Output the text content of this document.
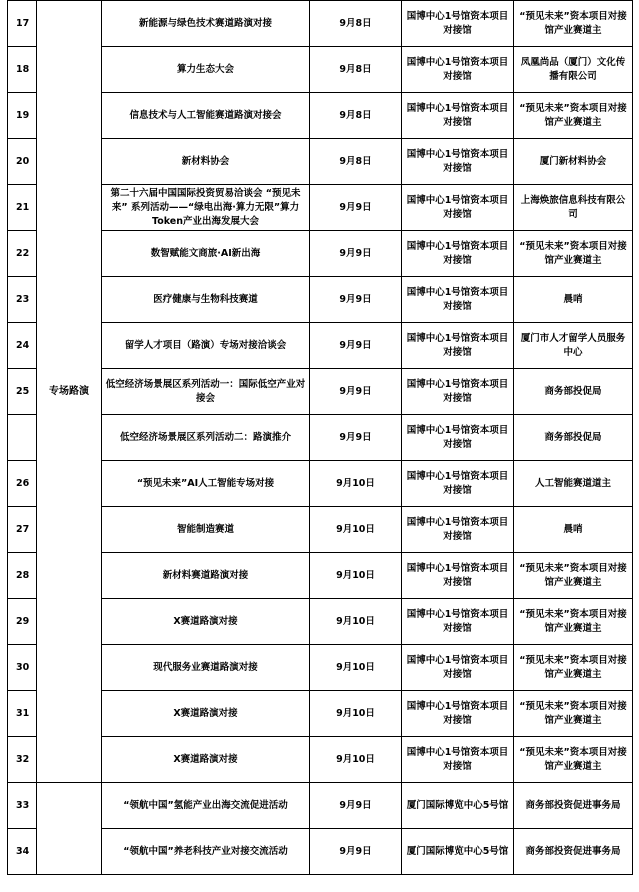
17	专场路演	新能源与绿色技术赛道路演对接	9月8日	国博中心1号馆资本项目对接馆	“预见未来”资本项目对接馆产业赛道主
18		算力生态大会	9月8日	国博中心1号馆资本项目对接馆	凤凰尚品（厦门）文化传播有限公司
19		信息技术与人工智能赛道路演对接会	9月8日	国博中心1号馆资本项目对接馆	“预见未来”资本项目对接馆产业赛道主
20		新材料协会	9月8日	国博中心1号馆资本项目对接馆	厦门新材料协会
21		第二十六届中国国际投资贸易洽谈会 “预见未来” 系列活动——“绿电出海·算力无限”算力Token产业出海发展大会	9月9日	国博中心1号馆资本项目对接馆	上海焕旅信息科技有限公司
22		数智赋能文商旅·AI新出海	9月9日	国博中心1号馆资本项目对接馆	“预见未来”资本项目对接馆产业赛道主
23		医疗健康与生物科技赛道	9月9日	国博中心1号馆资本项目对接馆	晨哨
24		留学人才项目（路演）专场对接洽谈会	9月9日	国博中心1号馆资本项目对接馆	厦门市人才留学人员服务中心
25		低空经济场景展区系列活动一：国际低空产业对接会	9月9日	国博中心1号馆资本项目对接馆	商务部投促局
		低空经济场景展区系列活动二：路演推介	9月9日	国博中心1号馆资本项目对接馆	商务部投促局
26		“预见未来”AI人工智能专场对接	9月10日	国博中心1号馆资本项目对接馆	人工智能赛道道主
27		智能制造赛道	9月10日	国博中心1号馆资本项目对接馆	晨哨
28		新材料赛道路演对接	9月10日	国博中心1号馆资本项目对接馆	“预见未来”资本项目对接馆产业赛道主
29		X赛道路演对接	9月10日	国博中心1号馆资本项目对接馆	“预见未来”资本项目对接馆产业赛道主
30		现代服务业赛道路演对接	9月10日	国博中心1号馆资本项目对接馆	“预见未来”资本项目对接馆产业赛道主
31		X赛道路演对接	9月10日	国博中心1号馆资本项目对接馆	“预见未来”资本项目对接馆产业赛道主
32		X赛道路演对接	9月10日	国博中心1号馆资本项目对接馆	“预见未来”资本项目对接馆产业赛道主
33		“领航中国”氢能产业出海交流促进活动	9月9日	厦门国际博览中心5号馆	商务部投资促进事务局
34		“领航中国”养老科技产业对接交流活动	9月9日	厦门国际博览中心5号馆	商务部投资促进事务局
